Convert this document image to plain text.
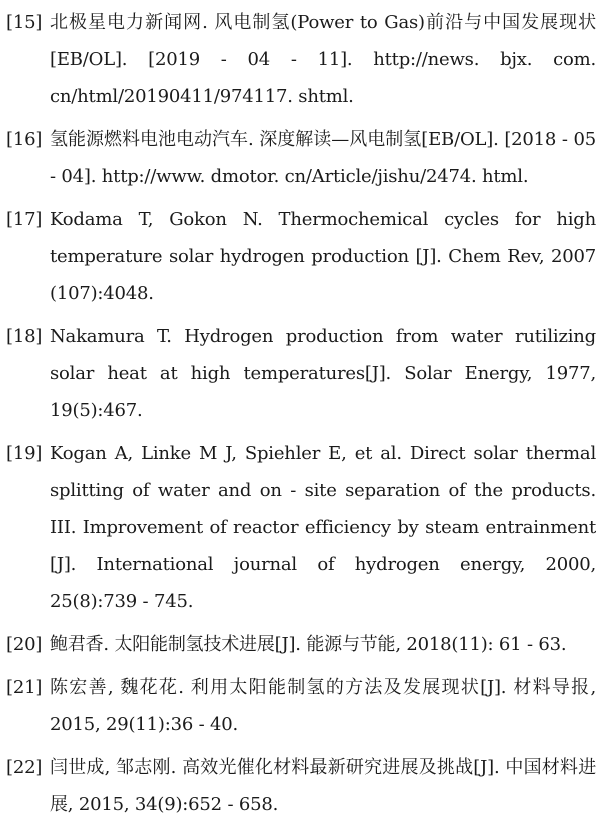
[15] 北极星电力新闻网. 风电制氢(Power to Gas)前沿与中国发展现状[EB/OL]. [2019 - 04 - 11]. http://news. bjx. com. cn/html/20190411/974117. shtml.
[16] 氢能源燃料电池电动汽车. 深度解读—风电制氢[EB/OL]. [2018 - 05 - 04]. http://www. dmotor. cn/Article/jishu/2474. html.
[17] Kodama T, Gokon N. Thermochemical cycles for high temperature solar hydrogen production [J]. Chem Rev, 2007 (107):4048.
[18] Nakamura T. Hydrogen production from water rutilizing solar heat at high temperatures[J]. Solar Energy, 1977, 19(5):467.
[19] Kogan A, Linke M J, Spiehler E, et al. Direct solar thermal splitting of water and on - site separation of the products. III. Improvement of reactor efficiency by steam entrainment [J]. International journal of hydrogen energy, 2000, 25(8):739 - 745.
[20] 鲍君香. 太阳能制氢技术进展[J]. 能源与节能, 2018(11): 61 - 63.
[21] 陈宏善, 魏花花. 利用太阳能制氢的方法及发展现状[J]. 材料导报, 2015, 29(11):36 - 40.
[22] 闫世成, 邹志刚. 高效光催化材料最新研究进展及挑战[J]. 中国材料进展, 2015, 34(9):652 - 658.
